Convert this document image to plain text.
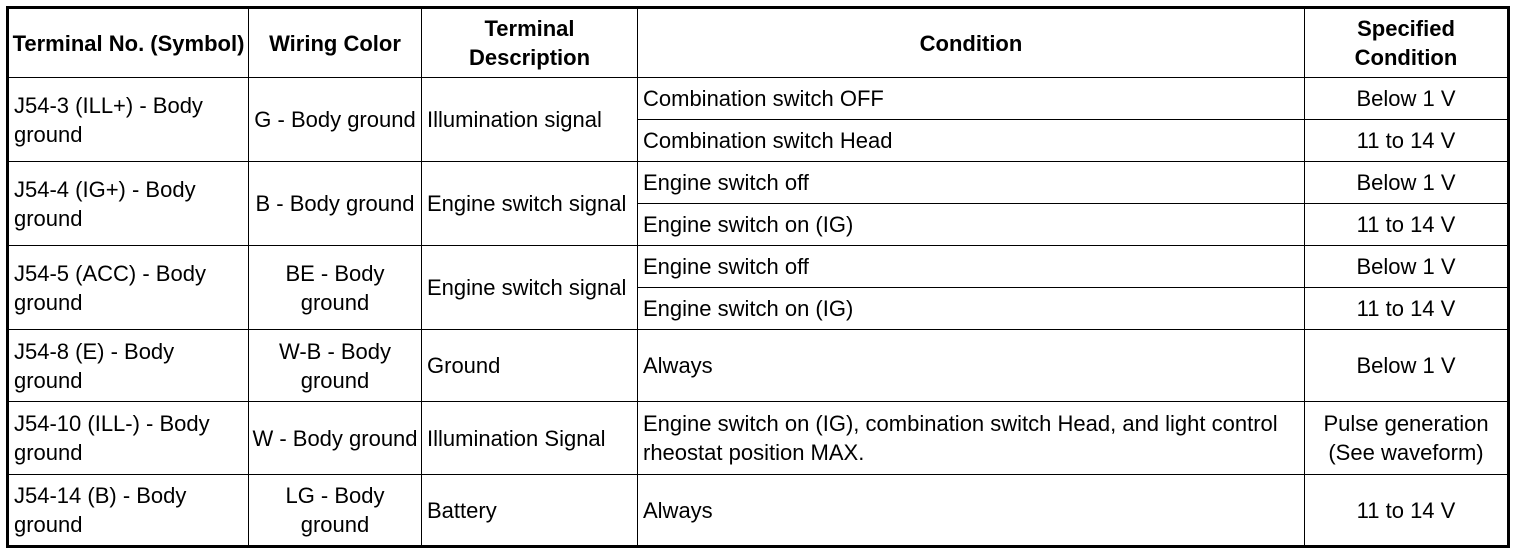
Terminal No. (Symbol)	Wiring Color	Terminal Description	Condition	Specified Condition
J54-3 (ILL+) - Body ground	G - Body ground	Illumination signal	Combination switch OFF	Below 1 V
			Combination switch Head	11 to 14 V
J54-4 (IG+) - Body ground	B - Body ground	Engine switch signal	Engine switch off	Below 1 V
			Engine switch on (IG)	11 to 14 V
J54-5 (ACC) - Body ground	BE - Body ground	Engine switch signal	Engine switch off	Below 1 V
			Engine switch on (IG)	11 to 14 V
J54-8 (E) - Body ground	W-B - Body ground	Ground	Always	Below 1 V
J54-10 (ILL-) - Body ground	W - Body ground	Illumination Signal	Engine switch on (IG), combination switch Head, and light control rheostat position MAX.	Pulse generation (See waveform)
J54-14 (B) - Body ground	LG - Body ground	Battery	Always	11 to 14 V
